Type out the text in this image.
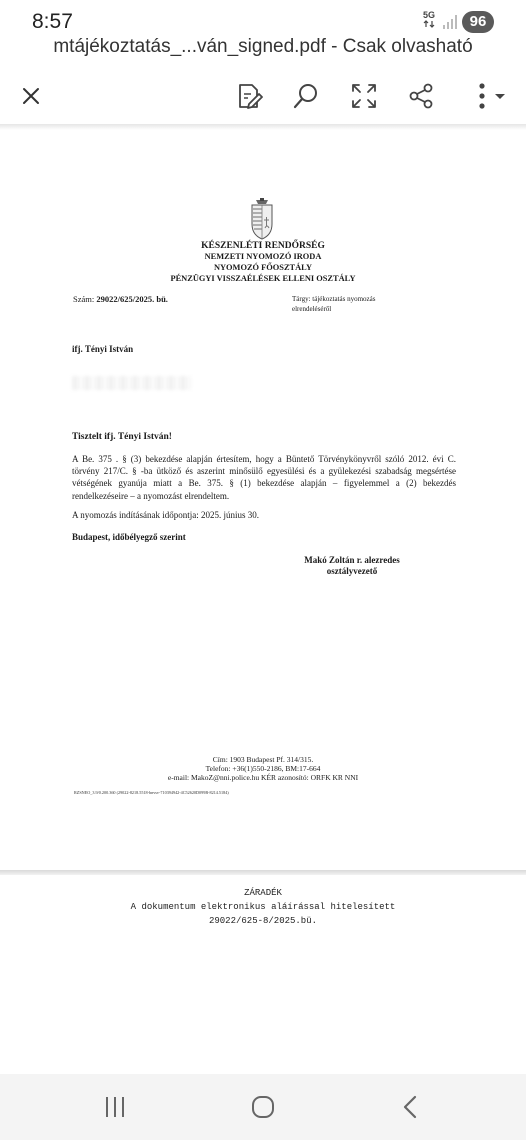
8:57	5G	96
mtájékoztatás_...ván_signed.pdf - Csak olvasható
KÉSZENLÉTI RENDŐRSÉG
NEMZETI NYOMOZÓ IRODA
NYOMOZÓ FŐOSZTÁLY
PÉNZÜGYI VISSZAÉLÉSEK ELLENI OSZTÁLY
Szám: 29022/625/2025. bü.	Tárgy: tájékoztatás nyomozás elrendeléséről
ifj. Tényi István
Tisztelt ifj. Tényi István!
A Be. 375 . § (3) bekezdése alapján értesítem, hogy a Büntető Törvénykönyvről szóló 2012. évi C. törvény 217/C. § -ba ütköző és aszerint minősülő egyesülési és a gyülekezési szabadság megsértése vétségének gyanúja miatt a Be. 375. § (1) bekezdése alapján – figyelemmel a (2) bekezdés rendelkezéseire – a nyomozást elrendeltem.
A nyomozás indításának időpontja: 2025. június 30.
Budapest, időbélyegző szerint
Makó Zoltán r. alezredes
osztályvezető
Cím: 1903 Budapest Pf. 314/315.
Telefon: +36(1)550-2186, BM:17-664
e-mail: MakoZ@nni.police.hu KÉR azonosító: ORFK KR NNI
RZSNEO_3.9/0.200.360 (29022-8218.5518-bnvsv-710394942-4C52620D099B-8214.5184)
ZÁRADÉK
A dokumentum elektronikus aláírással hitelesített
29022/625-8/2025.bü.
